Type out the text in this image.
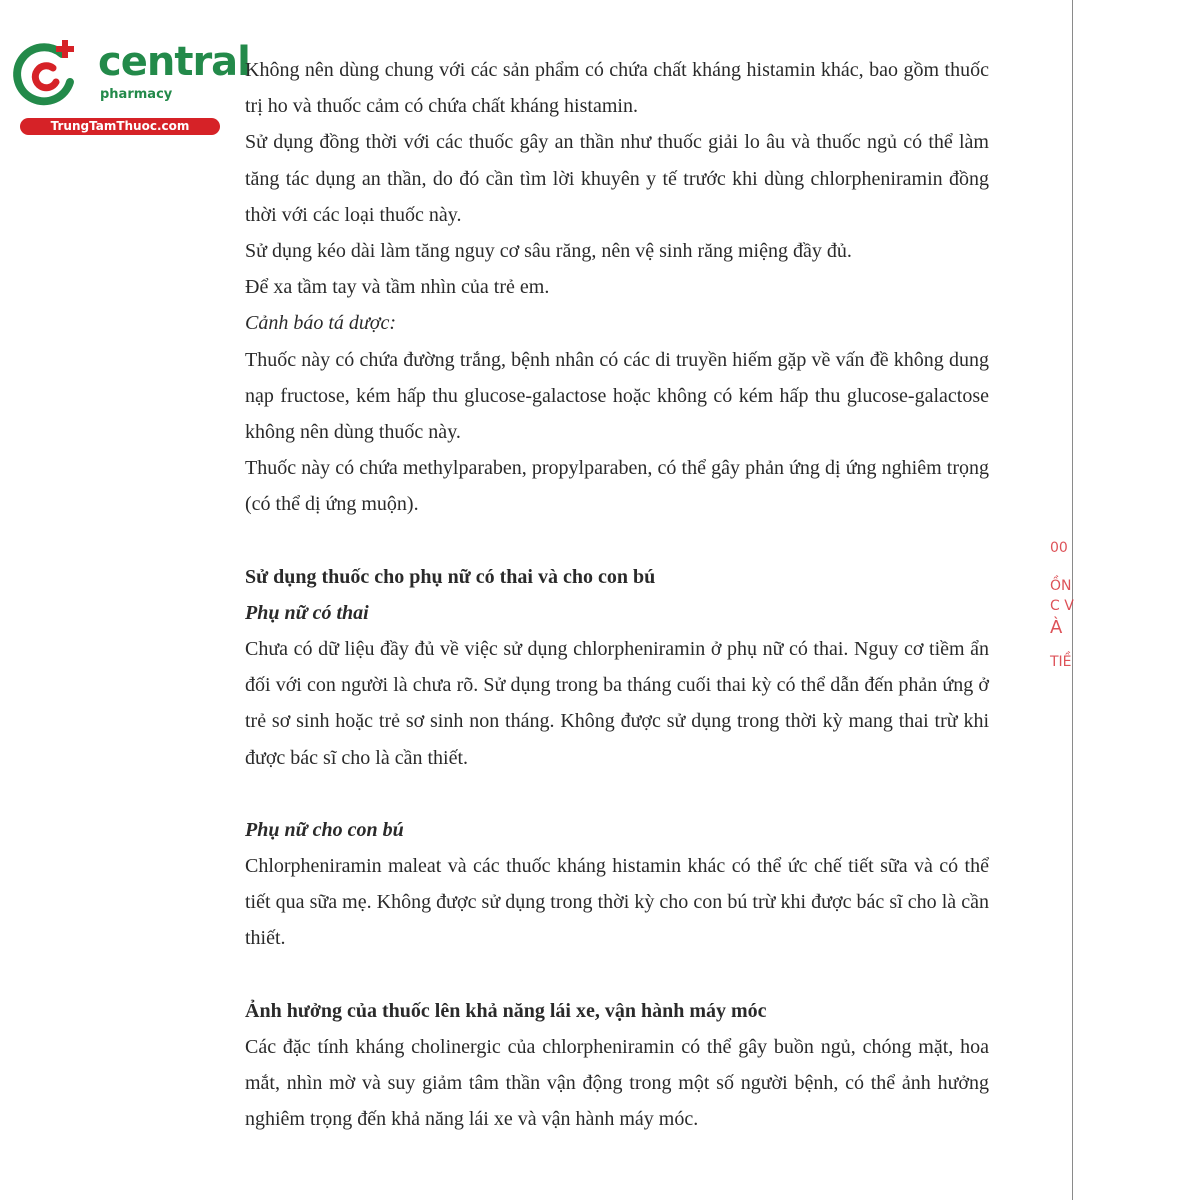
central
pharmacy
TrungTamThuoc.com

Không nên dùng chung với các sản phẩm có chứa chất kháng histamin khác, bao gồm thuốc trị ho và thuốc cảm có chứa chất kháng histamin.

Sử dụng đồng thời với các thuốc gây an thần như thuốc giải lo âu và thuốc ngủ có thể làm tăng tác dụng an thần, do đó cần tìm lời khuyên y tế trước khi dùng chlorpheniramin đồng thời với các loại thuốc này.

Sử dụng kéo dài làm tăng nguy cơ sâu răng, nên vệ sinh răng miệng đầy đủ.

Để xa tầm tay và tầm nhìn của trẻ em.

Cảnh báo tá dược:

Thuốc này có chứa đường trắng, bệnh nhân có các di truyền hiếm gặp về vấn đề không dung nạp fructose, kém hấp thu glucose-galactose hoặc không có kém hấp thu glucose-galactose không nên dùng thuốc này.

Thuốc này có chứa methylparaben, propylparaben, có thể gây phản ứng dị ứng nghiêm trọng (có thể dị ứng muộn).

Sử dụng thuốc cho phụ nữ có thai và cho con bú

Phụ nữ có thai

Chưa có dữ liệu đầy đủ về việc sử dụng chlorpheniramin ở phụ nữ có thai. Nguy cơ tiềm ẩn đối với con người là chưa rõ. Sử dụng trong ba tháng cuối thai kỳ có thể dẫn đến phản ứng ở trẻ sơ sinh hoặc trẻ sơ sinh non tháng. Không được sử dụng trong thời kỳ mang thai trừ khi được bác sĩ cho là cần thiết.

Phụ nữ cho con bú

Chlorpheniramin maleat và các thuốc kháng histamin khác có thể ức chế tiết sữa và có thể tiết qua sữa mẹ. Không được sử dụng trong thời kỳ cho con bú trừ khi được bác sĩ cho là cần thiết.

Ảnh hưởng của thuốc lên khả năng lái xe, vận hành máy móc

Các đặc tính kháng cholinergic của chlorpheniramin có thể gây buồn ngủ, chóng mặt, hoa mắt, nhìn mờ và suy giảm tâm thần vận động trong một số người bệnh, có thể ảnh hưởng nghiêm trọng đến khả năng lái xe và vận hành máy móc.

00
ỒN
C V
À
TIỀ
